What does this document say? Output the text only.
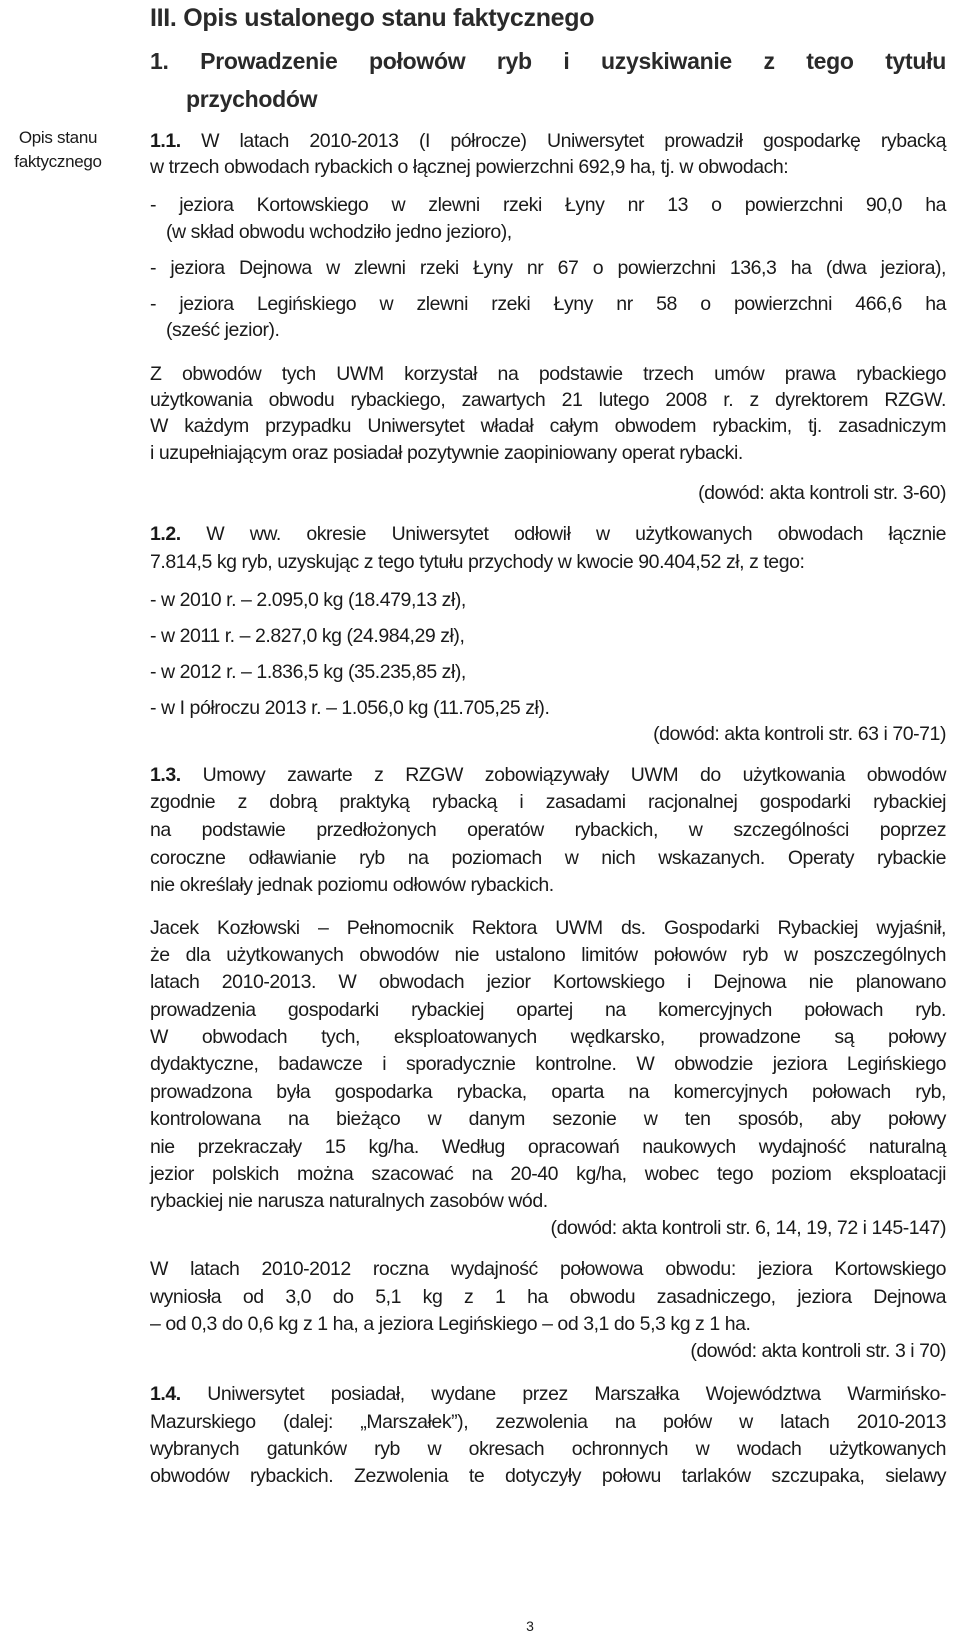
III. Opis ustalonego stanu faktycznego
1. Prowadzenie połowów ryb i uzyskiwanie z tego tytułu
przychodów
Opis stanu
faktycznego
1.1. W latach 2010-2013 (I półrocze) Uniwersytet prowadził gospodarkę rybacką
w trzech obwodach rybackich o łącznej powierzchni 692,9 ha, tj. w obwodach:
- jeziora Kortowskiego w zlewni rzeki Łyny nr 13 o powierzchni 90,0 ha
(w skład obwodu wchodziło jedno jezioro),
- jeziora Dejnowa w zlewni rzeki Łyny nr 67 o powierzchni 136,3 ha (dwa jeziora),
- jeziora Legińskiego w zlewni rzeki Łyny nr 58 o powierzchni 466,6 ha
(sześć jezior).
Z obwodów tych UWM korzystał na podstawie trzech umów prawa rybackiego
użytkowania obwodu rybackiego, zawartych 21 lutego 2008 r. z dyrektorem RZGW.
W każdym przypadku Uniwersytet władał całym obwodem rybackim, tj. zasadniczym
i uzupełniającym oraz posiadał pozytywnie zaopiniowany operat rybacki.
(dowód: akta kontroli str. 3-60)
1.2. W ww. okresie Uniwersytet odłowił w użytkowanych obwodach łącznie
7.814,5 kg ryb, uzyskując z tego tytułu przychody w kwocie 90.404,52 zł, z tego:
- w 2010 r. – 2.095,0 kg (18.479,13 zł),
- w 2011 r. – 2.827,0 kg (24.984,29 zł),
- w 2012 r. – 1.836,5 kg (35.235,85 zł),
- w I półroczu 2013 r. – 1.056,0 kg (11.705,25 zł).
(dowód: akta kontroli str. 63 i 70-71)
1.3. Umowy zawarte z RZGW zobowiązywały UWM do użytkowania obwodów
zgodnie z dobrą praktyką rybacką i zasadami racjonalnej gospodarki rybackiej
na podstawie przedłożonych operatów rybackich, w szczególności poprzez
coroczne odławianie ryb na poziomach w nich wskazanych. Operaty rybackie
nie określały jednak poziomu odłowów rybackich.
Jacek Kozłowski – Pełnomocnik Rektora UWM ds. Gospodarki Rybackiej wyjaśnił,
że dla użytkowanych obwodów nie ustalono limitów połowów ryb w poszczególnych
latach 2010-2013. W obwodach jezior Kortowskiego i Dejnowa nie planowano
prowadzenia gospodarki rybackiej opartej na komercyjnych połowach ryb.
W obwodach tych, eksploatowanych wędkarsko, prowadzone są połowy
dydaktyczne, badawcze i sporadycznie kontrolne. W obwodzie jeziora Legińskiego
prowadzona była gospodarka rybacka, oparta na komercyjnych połowach ryb,
kontrolowana na bieżąco w danym sezonie w ten sposób, aby połowy
nie przekraczały 15 kg/ha. Według opracowań naukowych wydajność naturalną
jezior polskich można szacować na 20-40 kg/ha, wobec tego poziom eksploatacji
rybackiej nie narusza naturalnych zasobów wód.
(dowód: akta kontroli str. 6, 14, 19, 72 i 145-147)
W latach 2010-2012 roczna wydajność połowowa obwodu: jeziora Kortowskiego
wyniosła od 3,0 do 5,1 kg z 1 ha obwodu zasadniczego, jeziora Dejnowa
– od 0,3 do 0,6 kg z 1 ha, a jeziora Legińskiego – od 3,1 do 5,3 kg z 1 ha.
(dowód: akta kontroli str. 3 i 70)
1.4. Uniwersytet posiadał, wydane przez Marszałka Województwa Warmińsko-
Mazurskiego (dalej: „Marszałek”), zezwolenia na połów w latach 2010-2013
wybranych gatunków ryb w okresach ochronnych w wodach użytkowanych
obwodów rybackich. Zezwolenia te dotyczyły połowu tarlaków szczupaka, sielawy
3
